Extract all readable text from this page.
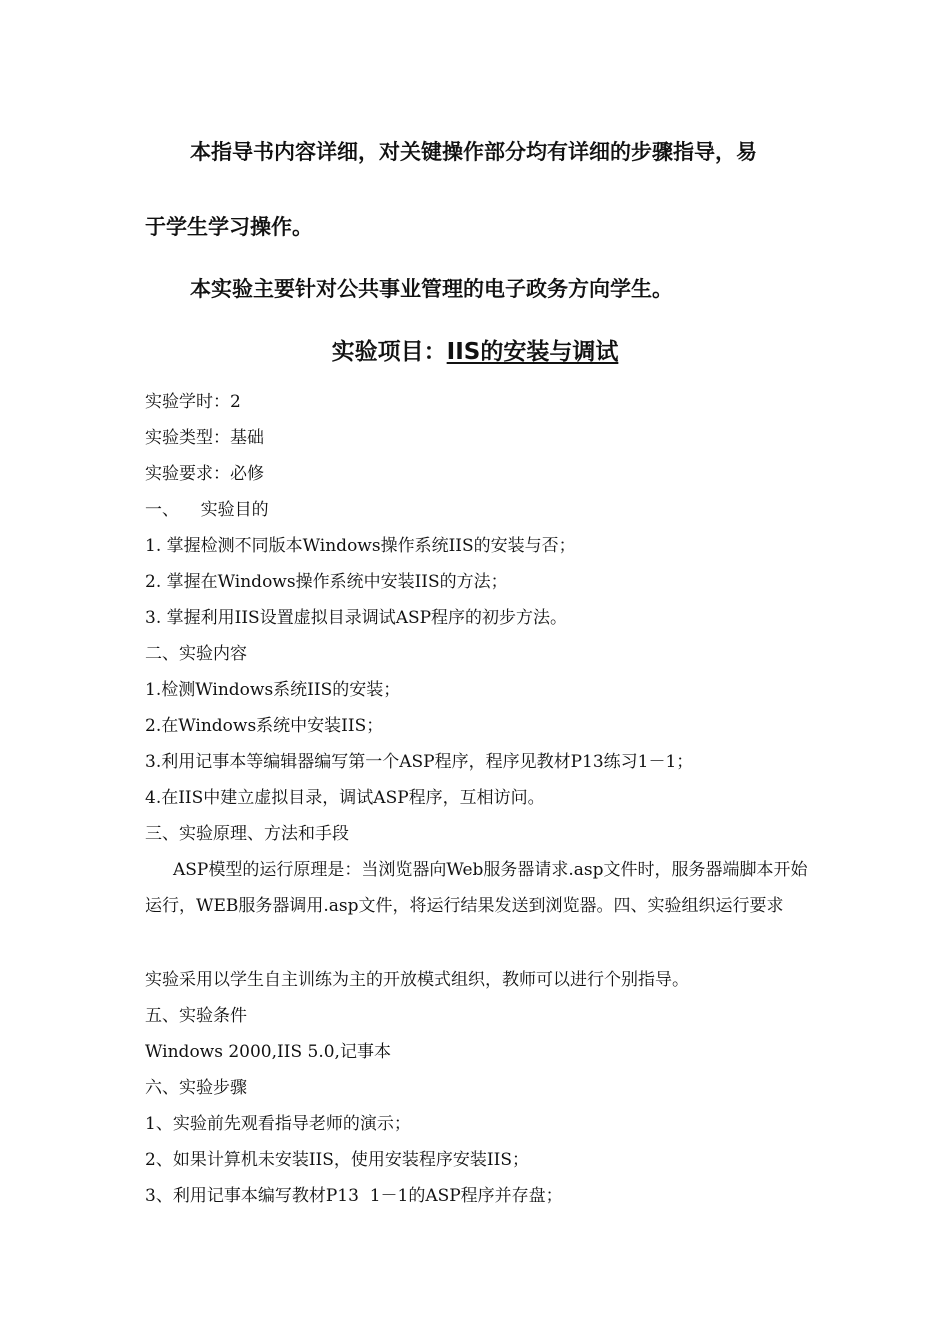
本指导书内容详细，对关键操作部分均有详细的步骤指导，易
于学生学习操作。
本实验主要针对公共事业管理的电子政务方向学生。
实验项目：IIS的安装与调试
实验学时：2
实验类型：基础
实验要求：必修
一、    实验目的
1. 掌握检测不同版本Windows操作系统IIS的安装与否；
2. 掌握在Windows操作系统中安装IIS的方法；
3. 掌握利用IIS设置虚拟目录调试ASP程序的初步方法。
二、实验内容
1.检测Windows系统IIS的安装；
2.在Windows系统中安装IIS；
3.利用记事本等编辑器编写第一个ASP程序，程序见教材P13练习1－1；
4.在IIS中建立虚拟目录，调试ASP程序，互相访问。
三、实验原理、方法和手段
ASP模型的运行原理是：当浏览器向Web服务器请求.asp文件时，服务器端脚本开始运行，WEB服务器调用.asp文件，将运行结果发送到浏览器。四、实验组织运行要求
实验采用以学生自主训练为主的开放模式组织，教师可以进行个别指导。
五、实验条件
Windows 2000,IIS 5.0,记事本
六、实验步骤
1、实验前先观看指导老师的演示；
2、如果计算机未安装IIS，使用安装程序安装IIS；
3、利用记事本编写教材P13  1－1的ASP程序并存盘；
